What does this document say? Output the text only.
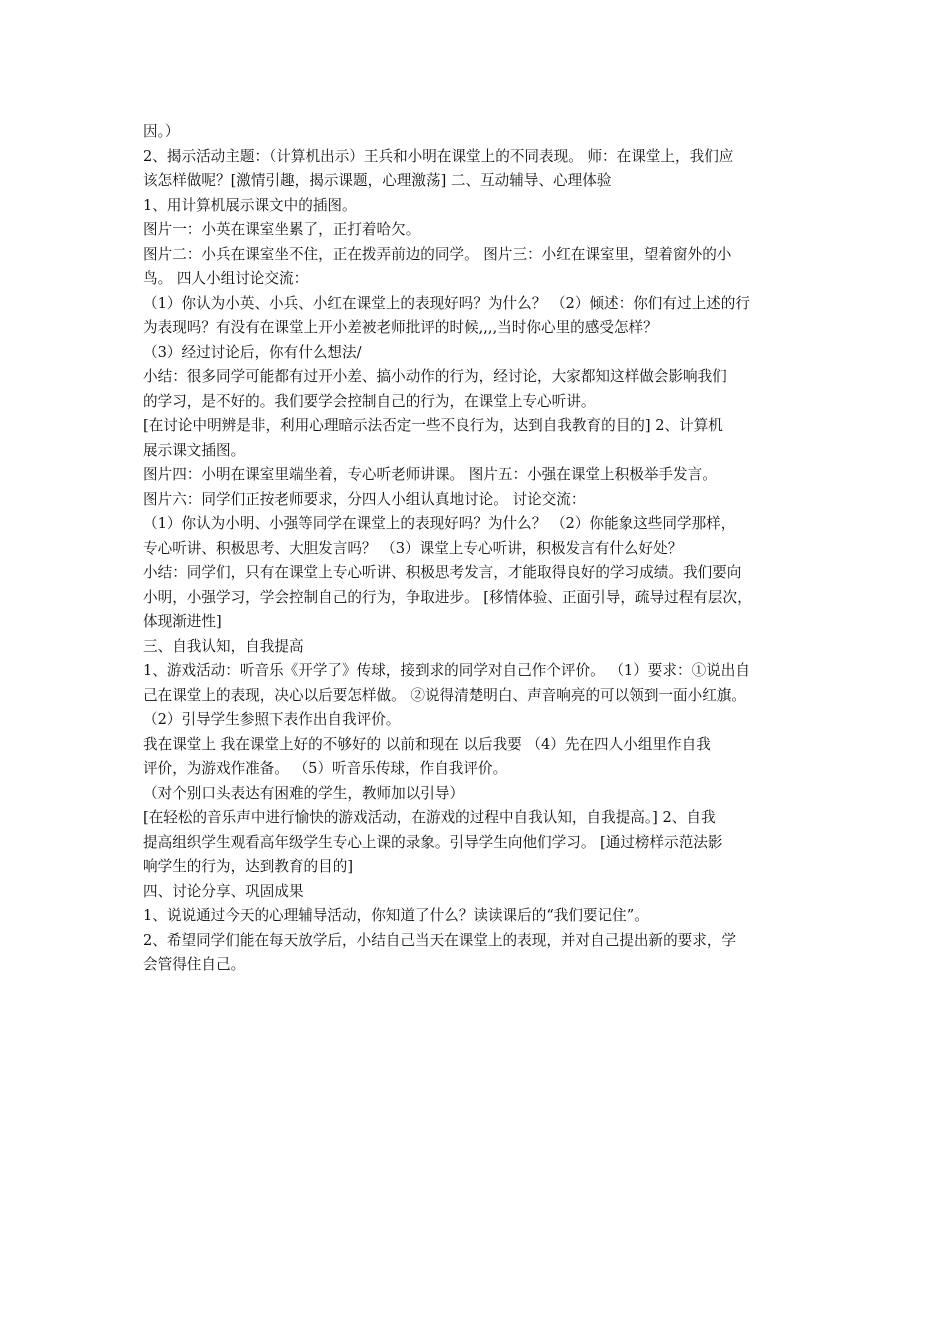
因。）
2、揭示活动主题：（计算机出示）王兵和小明在课堂上的不同表现。 师：在课堂上，我们应
该怎样做呢？[激情引趣，揭示课题，心理激荡] 二、互动辅导、心理体验
1、用计算机展示课文中的插图。
图片一：小英在课室坐累了，正打着哈欠。
图片二：小兵在课室坐不住，正在拨弄前边的同学。 图片三：小红在课室里，望着窗外的小
鸟。 四人小组讨论交流：
（1）你认为小英、小兵、小红在课堂上的表现好吗？为什么？ （2）倾述：你们有过上述的行
为表现吗？有没有在课堂上开小差被老师批评的时候,,,,当时你心里的感受怎样？
（3）经过讨论后，你有什么想法/
小结：很多同学可能都有过开小差、搞小动作的行为，经讨论，大家都知这样做会影响我们
的学习，是不好的。我们要学会控制自己的行为，在课堂上专心听讲。
[在讨论中明辨是非，利用心理暗示法否定一些不良行为，达到自我教育的目的] 2、计算机
展示课文插图。
图片四：小明在课室里端坐着，专心听老师讲课。 图片五：小强在课堂上积极举手发言。
图片六：同学们正按老师要求，分四人小组认真地讨论。 讨论交流：
（1）你认为小明、小强等同学在课堂上的表现好吗？为什么？ （2）你能象这些同学那样，
专心听讲、积极思考、大胆发言吗？ （3）课堂上专心听讲，积极发言有什么好处？
小结：同学们，只有在课堂上专心听讲、积极思考发言，才能取得良好的学习成绩。我们要向
小明，小强学习，学会控制自己的行为，争取进步。 [移情体验、正面引导，疏导过程有层次，
体现渐进性]
三、自我认知，自我提高
1、游戏活动：听音乐《开学了》传球，接到求的同学对自己作个评价。 （1）要求：①说出自
己在课堂上的表现，决心以后要怎样做。 ②说得清楚明白、声音响亮的可以领到一面小红旗。
（2）引导学生参照下表作出自我评价。
我在课堂上 我在课堂上好的不够好的 以前和现在 以后我要 （4）先在四人小组里作自我
评价，为游戏作准备。 （5）听音乐传球，作自我评价。
（对个别口头表达有困难的学生，教师加以引导）
[在轻松的音乐声中进行愉快的游戏活动，在游戏的过程中自我认知，自我提高。] 2、自我
提高组织学生观看高年级学生专心上课的录象。引导学生向他们学习。 [通过榜样示范法影
响学生的行为，达到教育的目的]
四、讨论分享、巩固成果
1、说说通过今天的心理辅导活动，你知道了什么？读读课后的“我们要记住”。
2、希望同学们能在每天放学后，小结自己当天在课堂上的表现，并对自己提出新的要求，学
会管得住自己。
